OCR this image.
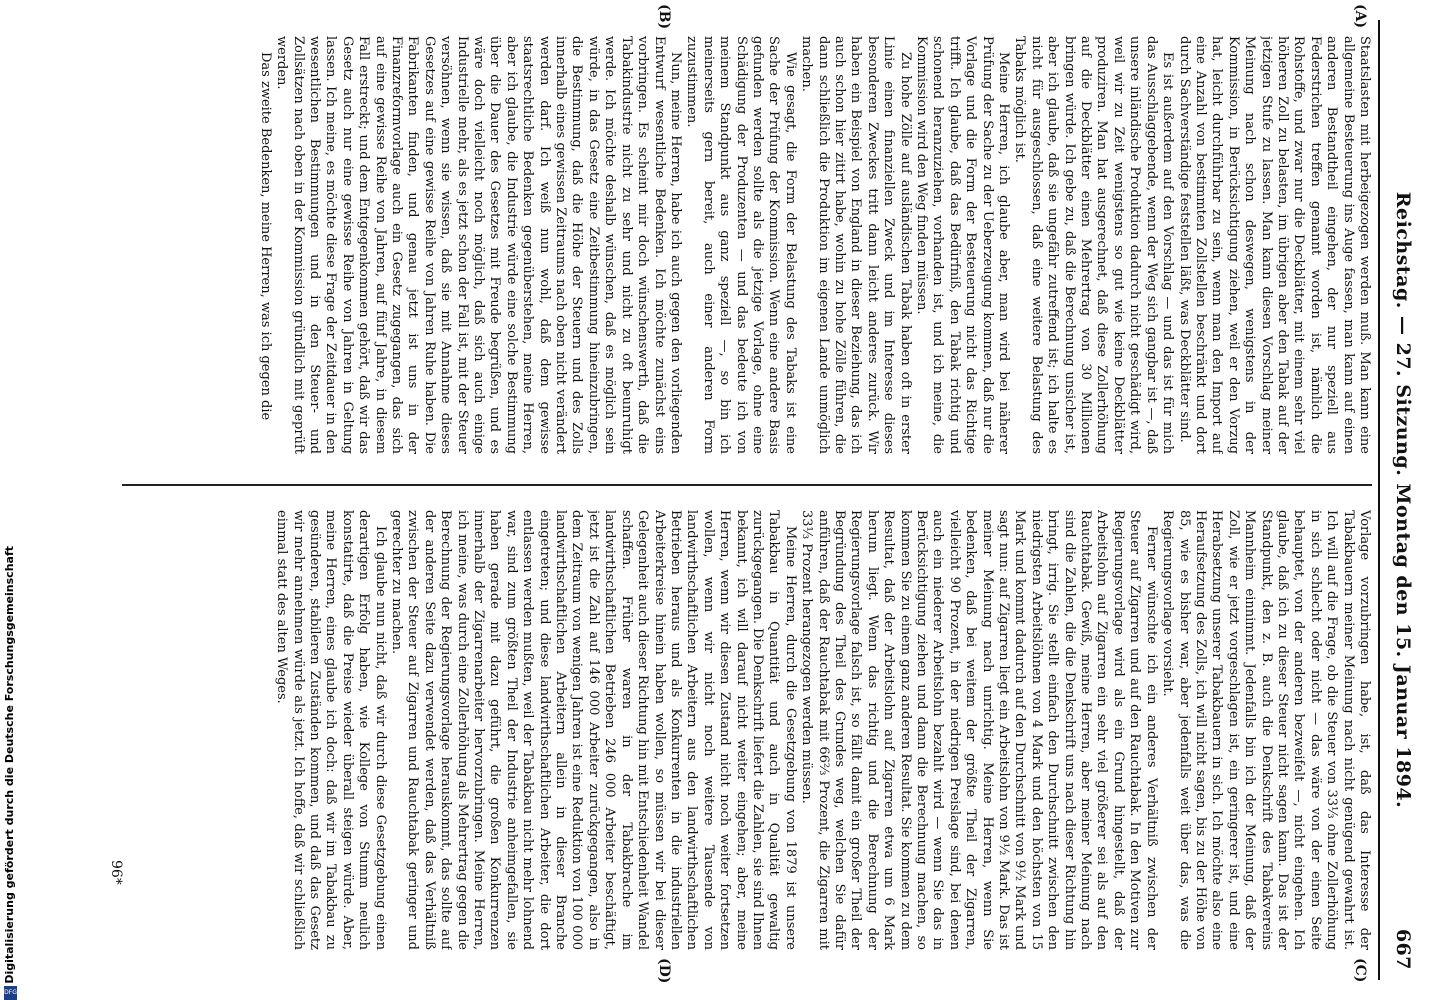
Digitalisierung gefördert durch die Deutsche Forschungsgemeinschaft
DFG
Reichstag. — 27. Sitzung. Montag den 15. Januar 1894.
667
(A)
(B)
(C)
(D)

Staatslasten mit herbeigezogen werden muß. Man kann eine allgemeine Besteuerung ins Auge fassen, man kann auf einen anderen Bestandtheil eingehen, der nur speziell aus Federstrichen treffen genannt worden ist, nämlich die Rohstoffe, und zwar nur die Deckblätter, mit einem sehr viel höheren Zoll zu belasten, im übrigen aber den Tabak auf der jetzigen Stufe zu lassen. Man kann diesen Vorschlag meiner Meinung nach schon deswegen, wenigstens in der Kommission, in Berücksichtigung ziehen, weil er den Vorzug hat, leicht durchführbar zu sein, wenn man den Import auf eine Anzahl von bestimmten Zollstellen beschränkt und dort durch Sachverständige feststellen läßt, was Deckblätter sind.

Es ist außerdem auf den Vorschlag — und das ist für mich das Ausschlaggebende, wenn der Weg sich gangbar ist —, daß unsere inländische Produktion dadurch nicht geschädigt wird, weil wir zu Zeit wenigstens so gut wie keine Deckblätter produziren. Man hat ausgerechnet, daß diese Zollerhöhung auf die Deckblätter einen Mehrertrag von 30 Millionen bringen würde. Ich gebe zu, daß die Berechnung unsicher ist, aber ich glaube, daß sie ungefähr zutreffend ist; ich halte es nicht für ausgeschlossen, daß eine weitere Belastung des Tabaks möglich ist.

Meine Herren, ich glaube aber, man wird bei näherer Prüfung der Sache zu der Ueberzeugung kommen, daß nur die Vorlage und die Form der Besteuerung nicht das Richtige trifft. Ich glaube, daß das Bedürfniß, den Tabak richtig und schonend heranzuziehen, vorhanden ist, und ich meine, die Kommission wird den Weg finden müssen.

Zu hohe Zölle auf ausländischen Tabak haben oft in erster Linie einen finanziellen Zweck und im Interesse dieses besonderen Zweckes tritt dann leicht anderes zurück. Wir haben ein Beispiel von England in dieser Beziehung, das ich auch schon hier zitirt habe, wohin zu hohe Zölle führen, die dann schließlich die Produktion im eigenen Lande unmöglich machen.

Wie gesagt, die Form der Belastung des Tabaks ist eine Sache der Prüfung der Kommission. Wenn eine andere Basis gefunden werden sollte als die jetzige Vorlage, ohne eine Schädigung der Produzenten — und das bedeute ich von meinem Standpunkt aus ganz speziell —, so bin ich meinerseits gern bereit, auch einer anderen Form zuzustimmen.

Nun, meine Herren, habe ich auch gegen den vorliegenden Entwurf wesentliche Bedenken. Ich möchte zunächst eins vorbringen. Es scheint mir doch wünschenswerth, daß die Tabakindustrie nicht zu sehr und nicht zu oft beunruhigt werde. Ich möchte deshalb wünschen, daß es möglich sein würde, in das Gesetz eine Zeitbestimmung hineinzubringen, die Bestimmung, daß die Höhe der Steuern und des Zolls innerhalb eines gewissen Zeitraums nach oben nicht verändert werden darf. Ich weiß nun wohl, daß dem gewisse staatsrechtliche Bedenken gegenüberstehen, meine Herren, aber ich glaube, die Industrie würde eine solche Bestimmung über die Dauer des Gesetzes mit Freude begrüßen, und es wäre doch vielleicht noch möglich, daß sich auch einige Industrielle mehr, als es jetzt schon der Fall ist, mit der Steuer versöhnen, wenn sie wissen, daß sie mit Annahme dieses Gesetzes auf eine gewisse Reihe von Jahren Ruhe haben. Die Fabrikanten finden, und genau jetzt ist uns in der Finanzreformvorlage auch ein Gesetz zugegangen, das sich auf eine gewisse Reihe von Jahren, auf fünf Jahre, in diesem Fall erstreckt; und dem Entgegenkommen gehört, daß wir das Gesetz auch nur eine gewisse Reihe von Jahren in Geltung lassen. Ich meine, es möchte diese Frage der Zeitdauer in den wesentlichen Bestimmungen und in den Steuer- und Zollsätzen nach oben in der Kommission gründlich mit geprüft werden.

Das zweite Bedenken, meine Herren, was ich gegen die

Vorlage vorzubringen habe, ist, daß das Interesse der Tabakbauern meiner Meinung nach nicht genügend gewahrt ist. Ich will auf die Frage, ob die Steuer von 33⅓ ohne Zollerhöhung in sich schlecht oder nicht — das wäre von der einen Seite behauptet, von der anderen bezweifelt —, nicht eingehen. Ich glaube, daß ich zu dieser Steuer nicht sagen kann. Das ist der Standpunkt, den z. B. auch die Denkschrift des Tabakvereins Mannheim einnimmt. Jedenfalls bin ich der Meinung, daß der Zoll, wie er jetzt vorgeschlagen ist, ein geringerer ist, und eine Herabsetzung unserer Tabakbauern in sich. Ich möchte also eine Heraufsetzung des Zolls, ich will nicht sagen, bis zu der Höhe von 85, wie es bisher war, aber jedenfalls weit über das, was die Regierungsvorlage vorsieht.

Ferner wünschte ich ein anderes Verhältniß zwischen der Steuer auf Zigarren und auf den Rauchtabak. In den Motiven zur Regierungsvorlage wird als ein Grund hingestellt, daß der Arbeitslohn auf Zigarren ein sehr viel größerer sei als auf den Rauchtabak. Gewiß, meine Herren, aber meiner Meinung nach sind die Zahlen, die die Denkschrift uns nach dieser Richtung hin bringt, irrig. Sie stellt einfach den Durchschnitt zwischen den niedrigsten Arbeitslöhnen von 4 Mark und den höchsten von 15 Mark und kommt dadurch auf den Durchschnitt von 9½ Mark und sagt nun: auf Zigarren liegt ein Arbeitslohn von 9½ Mark. Das ist meiner Meinung nach unrichtig. Meine Herren, wenn Sie bedenken, daß bei weitem der größte Theil der Zigarren, vielleicht 90 Prozent, in der niedrigen Preislage sind, bei denen auch ein niederer Arbeitslohn bezahlt wird — wenn Sie das in Berücksichtigung ziehen und dann die Berechnung machen, so kommen Sie zu einem ganz anderen Resultat. Sie kommen zu dem Resultat, daß der Arbeitslohn auf Zigarren etwa um 6 Mark herum liegt. Wenn das richtig und die Berechnung der Regierungsvorlage falsch ist, so fällt damit ein großer Theil der Begründung des Theil des Grundes weg, welchen Sie dafür anführen, daß der Rauchtabak mit 66⅔ Prozent, die Zigarren mit 33⅓ Prozent herangezogen werden müssen.

Meine Herren, durch die Gesetzgebung von 1879 ist unsere Tabakbau in Quantität und auch in Qualität gewaltig zurückgegangen. Die Denkschrift liefert die Zahlen, sie sind Ihnen bekannt, ich will darauf nicht weiter eingehen; aber, meine Herren, wenn wir diesen Zustand nicht noch weiter fortsetzen wollen, wenn wir nicht noch weitere Tausende von landwirthschaftlichen Arbeitern aus den landwirthschaftlichen Betrieben heraus und als Konkurrenten in die industriellen Arbeiterkreise hinein haben wollen, so müssen wir bei dieser Gelegenheit auch dieser Richtung hin mit Entschiedenheit Wandel schaffen. Früher waren in der Tabakbrache im landwirthschaftlichen Betrieben 246 000 Arbeiter beschäftigt, jetzt ist die Zahl auf 146 000 Arbeiter zurückgegangen, also in dem Zeitraum von wenigen Jahren ist eine Reduktion von 100 000 landwirthschaftlichen Arbeitern allein in dieser Branche eingetreten; und diese landwirthschaftlichen Arbeiter, die dort entlassen werden mußten, weil der Tabakbau nicht mehr lohnend war, sind zum größten Theil der Industrie anheimgefallen, sie haben gerade mit dazu geführt, die großen Konkurrenzen innerhalb der Zigarrenarbeiter hervorzubringen. Meine Herren, ich meine, was durch eine Zollerhöhung als Mehrertrag gegen die Berechnung der Regierungsvorlage herauskommt, das sollte auf der anderen Seite dazu verwendet werden, daß das Verhältniß zwischen der Steuer auf Zigarren und Rauchtabak geringer und gerechter zu machen.

Ich glaube nun nicht, daß wir durch diese Gesetzgebung einen derartigen Erfolg haben, wie Kollege von Stumm neulich konstatirte, daß die Preise wieder überall steigen würde. Aber, meine Herren, eines glaube ich doch: daß wir im Tabakbau zu gesünderen, stabileren Zuständen kommen, und daß das Gesetz wir mehr annehmen würde als jetzt. Ich hoffe, daß wir schließlich einmal statt des alten Weges.

96*
